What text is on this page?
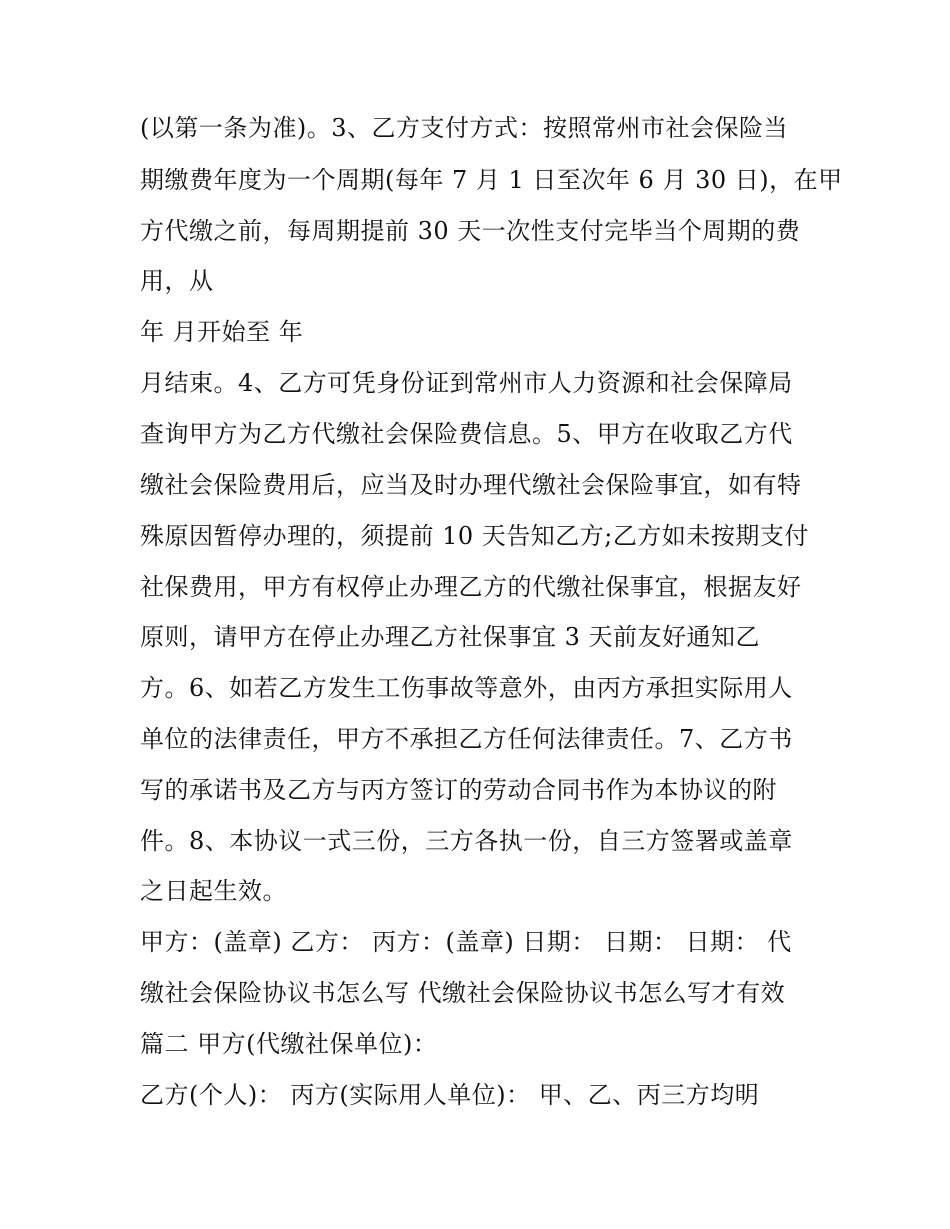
(以第一条为准)。3、乙方支付方式：按照常州市社会保险当
期缴费年度为一个周期(每年 7 月 1 日至次年 6 月 30 日)，在甲
方代缴之前，每周期提前 30 天一次性支付完毕当个周期的费
用，从
年 月开始至 年
月结束。4、乙方可凭身份证到常州市人力资源和社会保障局
查询甲方为乙方代缴社会保险费信息。5、甲方在收取乙方代
缴社会保险费用后，应当及时办理代缴社会保险事宜，如有特
殊原因暂停办理的，须提前 10 天告知乙方;乙方如未按期支付
社保费用，甲方有权停止办理乙方的代缴社保事宜，根据友好
原则，请甲方在停止办理乙方社保事宜 3 天前友好通知乙
方。6、如若乙方发生工伤事故等意外，由丙方承担实际用人
单位的法律责任，甲方不承担乙方任何法律责任。7、乙方书
写的承诺书及乙方与丙方签订的劳动合同书作为本协议的附
件。8、本协议一式三份，三方各执一份，自三方签署或盖章
之日起生效。
甲方：(盖章) 乙方： 丙方：(盖章) 日期： 日期： 日期： 代
缴社会保险协议书怎么写 代缴社会保险协议书怎么写才有效
篇二 甲方(代缴社保单位)：
乙方(个人)： 丙方(实际用人单位)： 甲、乙、丙三方均明
